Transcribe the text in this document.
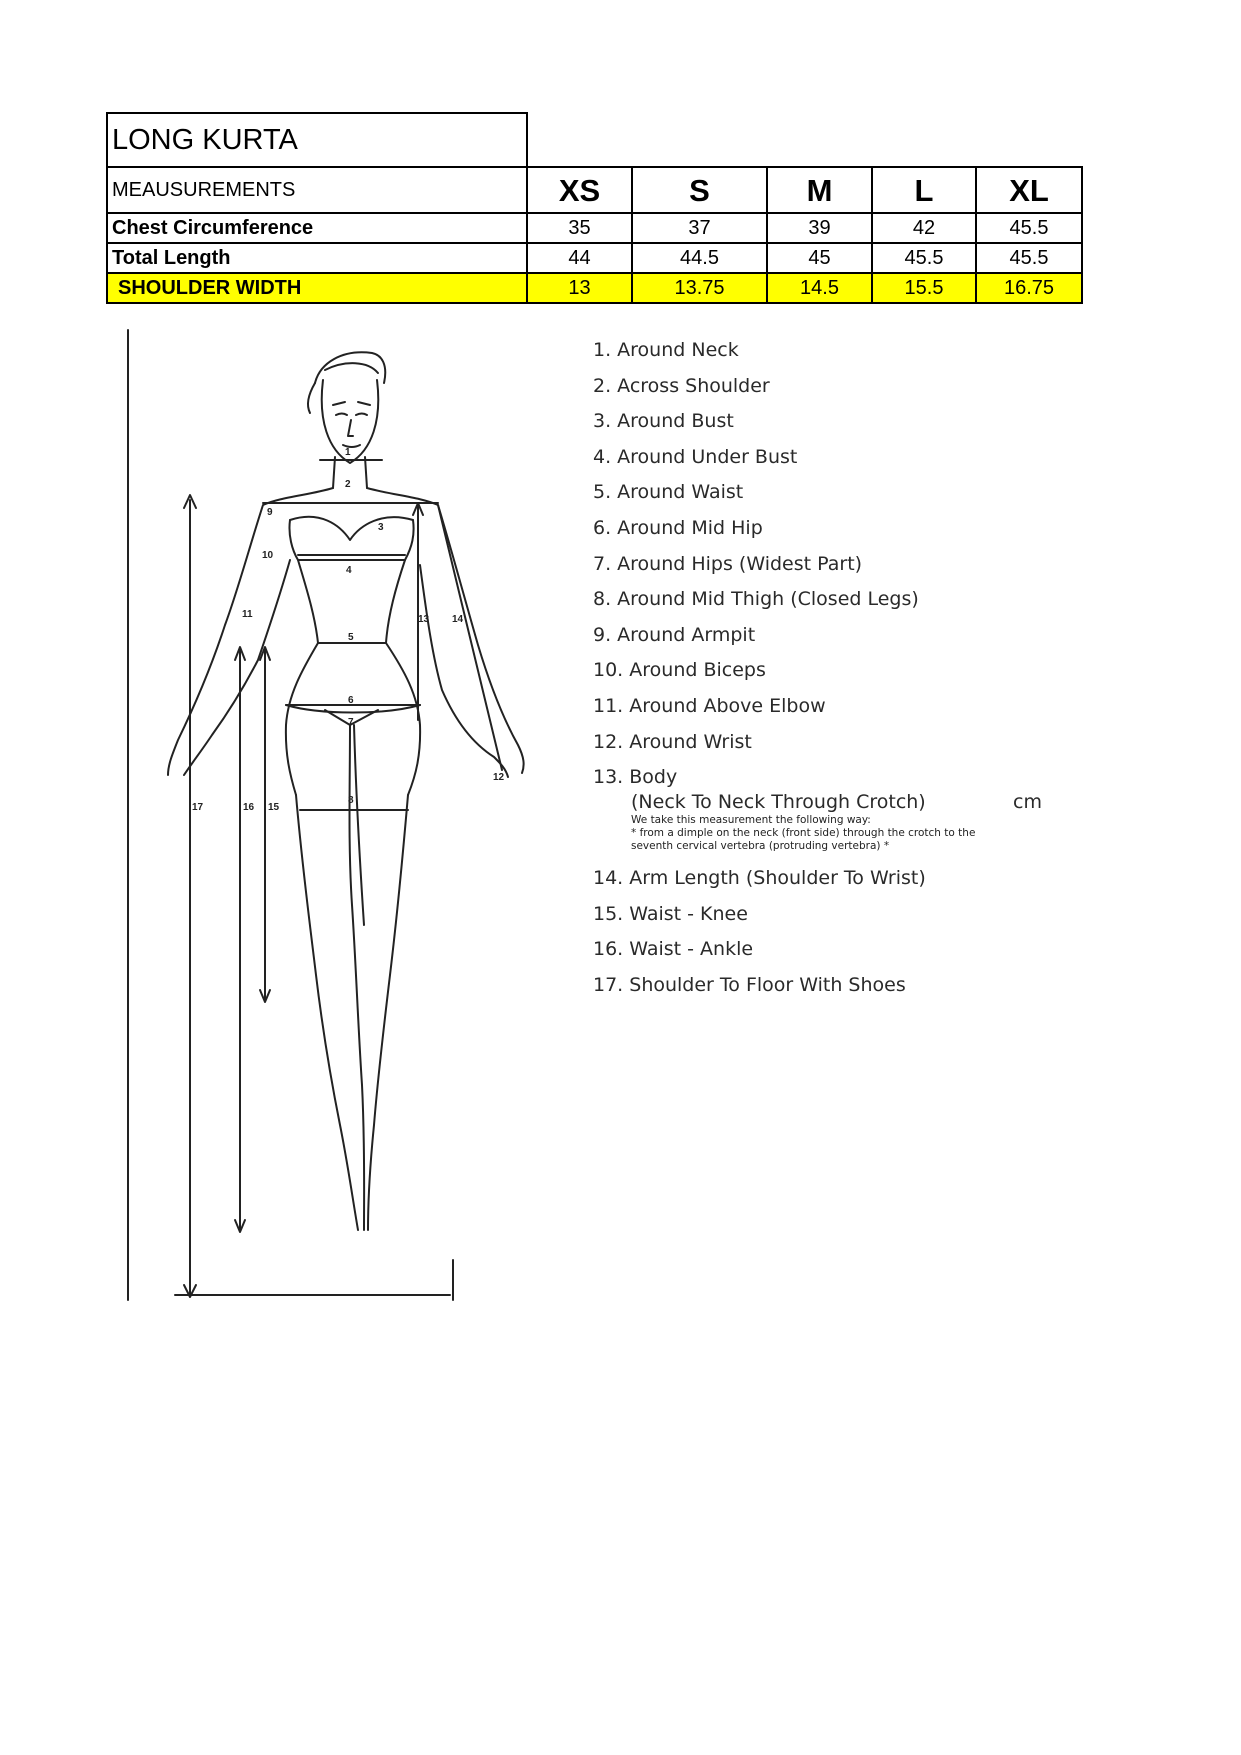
LONG KURTA					
MEAUSUREMENTS	XS	S	M	L	XL
Chest Circumference	35	37	39	42	45.5
Total Length	44	44.5	45	45.5	45.5
SHOULDER WIDTH	13	13.75	14.5	15.5	16.75
2
1
3
4
5
6
7
8
9
10
11
12
13 14
15
16
17
1. Around Neck
2. Across Shoulder
3. Around Bust
4. Around Under Bust
5. Around Waist
6. Around Mid Hip
7. Around Hips (Widest Part)
8. Around Mid Thigh (Closed Legs)
9. Around Armpit
10. Around Biceps
11. Around Above Elbow
12. Around Wrist
13. Body
(Neck To Neck Through Crotch)	cm
We take this measurement the following way:
* from a dimple on the neck (front side) through the crotch to the
seventh cervical vertebra (protruding vertebra) *
14. Arm Length (Shoulder To Wrist)
15. Waist - Knee
16. Waist - Ankle
17. Shoulder To Floor With Shoes
